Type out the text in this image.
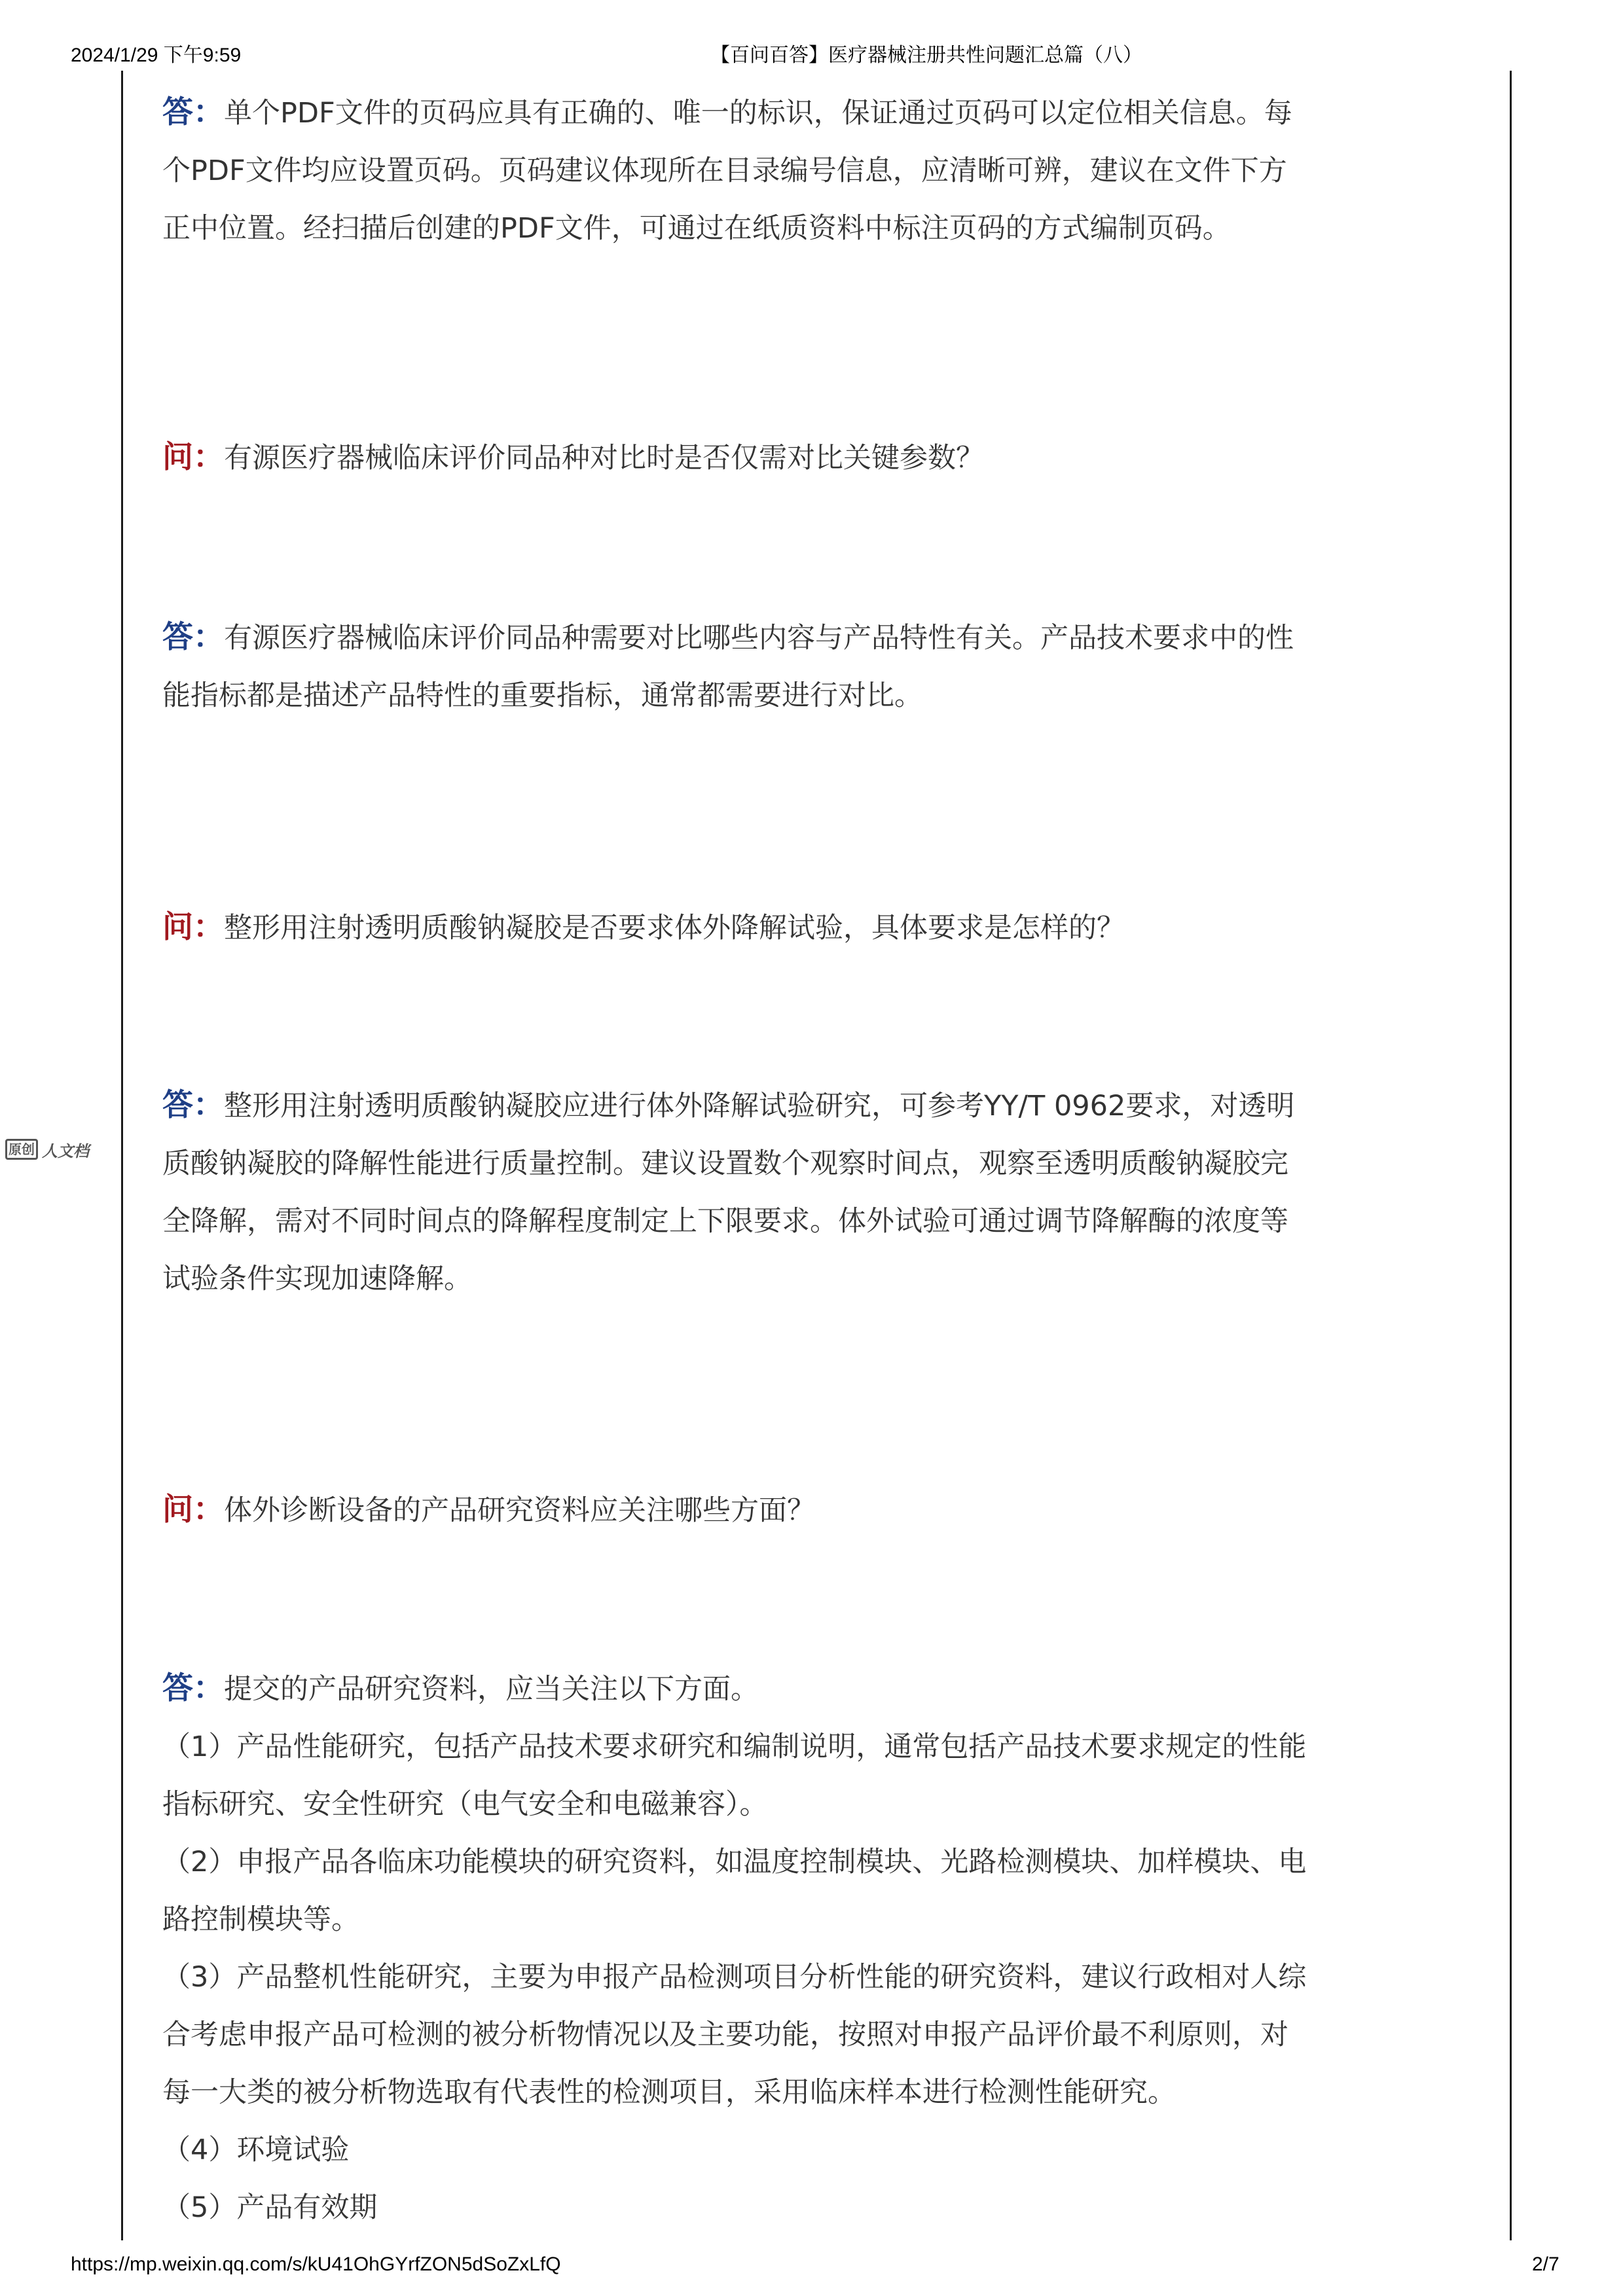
2024/1/29 下午9:59	【百问百答】医疗器械注册共性问题汇总篇（八）
原创 人文档

答：单个PDF文件的页码应具有正确的、唯一的标识，保证通过页码可以定位相关信息。每
个PDF文件均应设置页码。页码建议体现所在目录编号信息，应清晰可辨，建议在文件下方
正中位置。经扫描后创建的PDF文件，可通过在纸质资料中标注页码的方式编制页码。

问：有源医疗器械临床评价同品种对比时是否仅需对比关键参数？

答：有源医疗器械临床评价同品种需要对比哪些内容与产品特性有关。产品技术要求中的性
能指标都是描述产品特性的重要指标，通常都需要进行对比。

问：整形用注射透明质酸钠凝胶是否要求体外降解试验，具体要求是怎样的？

答：整形用注射透明质酸钠凝胶应进行体外降解试验研究，可参考YY/T 0962要求，对透明
质酸钠凝胶的降解性能进行质量控制。建议设置数个观察时间点，观察至透明质酸钠凝胶完
全降解，需对不同时间点的降解程度制定上下限要求。体外试验可通过调节降解酶的浓度等
试验条件实现加速降解。

问：体外诊断设备的产品研究资料应关注哪些方面？

答：提交的产品研究资料，应当关注以下方面。
（1）产品性能研究，包括产品技术要求研究和编制说明，通常包括产品技术要求规定的性能
指标研究、安全性研究（电气安全和电磁兼容）。
（2）申报产品各临床功能模块的研究资料，如温度控制模块、光路检测模块、加样模块、电
路控制模块等。
（3）产品整机性能研究，主要为申报产品检测项目分析性能的研究资料，建议行政相对人综
合考虑申报产品可检测的被分析物情况以及主要功能，按照对申报产品评价最不利原则，对
每一大类的被分析物选取有代表性的检测项目，采用临床样本进行检测性能研究。
（4）环境试验
（5）产品有效期

https://mp.weixin.qq.com/s/kU41OhGYrfZON5dSoZxLfQ	2/7
